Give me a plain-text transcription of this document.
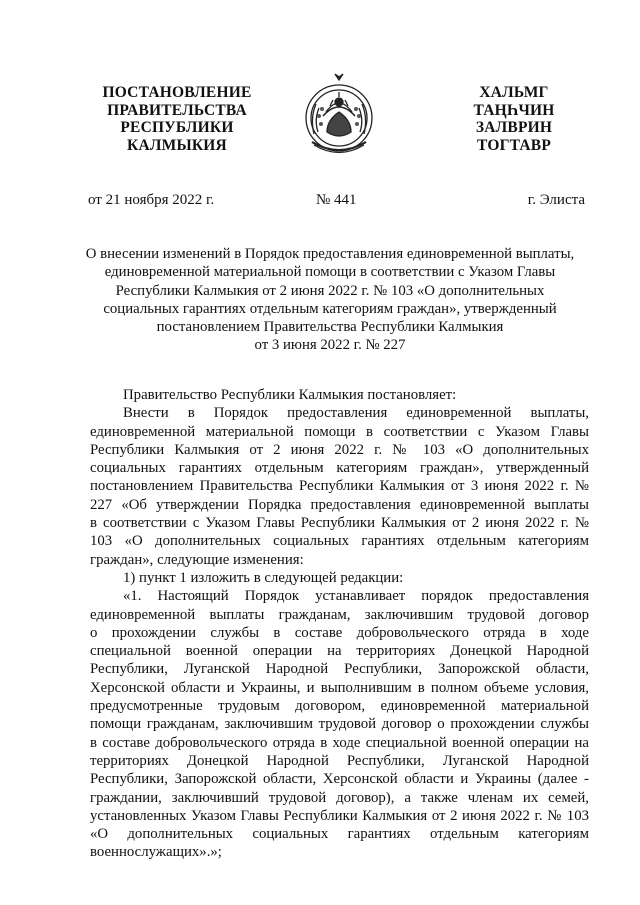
ПОСТАНОВЛЕНИЕ
ПРАВИТЕЛЬСТВА
РЕСПУБЛИКИ
КАЛМЫКИЯ
ХАЛЬМГ
ТАҢҺЧИН
ЗАЛВРИН
ТОГТАВР
от 21 ноября 2022 г.	№ 441	г. Элиста
О внесении изменений в Порядок предоставления единовременной выплаты,
единовременной материальной помощи в соответствии с Указом Главы
Республики Калмыкия от 2 июня 2022 г. № 103 «О дополнительных
социальных гарантиях отдельным категориям граждан», утвержденный
постановлением Правительства Республики Калмыкия
от 3 июня 2022 г. № 227
Правительство Республики Калмыкия постановляет:
Внести в Порядок предоставления единовременной выплаты,
единовременной материальной помощи в соответствии с Указом Главы
Республики Калмыкия от 2 июня 2022 г. № 103 «О дополнительных
социальных гарантиях отдельным категориям граждан», утвержденный
постановлением Правительства Республики Калмыкия от 3 июня 2022 г. №
227 «Об утверждении Порядка предоставления единовременной выплаты
в соответствии с Указом Главы Республики Калмыкия от 2 июня 2022 г. №
103 «О дополнительных социальных гарантиях отдельным категориям
граждан», следующие изменения:
1) пункт 1 изложить в следующей редакции:
«1. Настоящий Порядок устанавливает порядок предоставления
единовременной выплаты гражданам, заключившим трудовой договор
о прохождении службы в составе добровольческого отряда в ходе
специальной военной операции на территориях Донецкой Народной
Республики, Луганской Народной Республики, Запорожской области,
Херсонской области и Украины, и выполнившим в полном объеме условия,
предусмотренные трудовым договором, единовременной материальной
помощи гражданам, заключившим трудовой договор о прохождении службы
в составе добровольческого отряда в ходе специальной военной операции на
территориях Донецкой Народной Республики, Луганской Народной
Республики, Запорожской области, Херсонской области и Украины (далее -
граждании, заключивший трудовой договор), а также членам их семей,
установленных Указом Главы Республики Калмыкия от 2 июня 2022 г. № 103
«О дополнительных социальных гарантиях отдельным категориям
военнослужащих».»;
